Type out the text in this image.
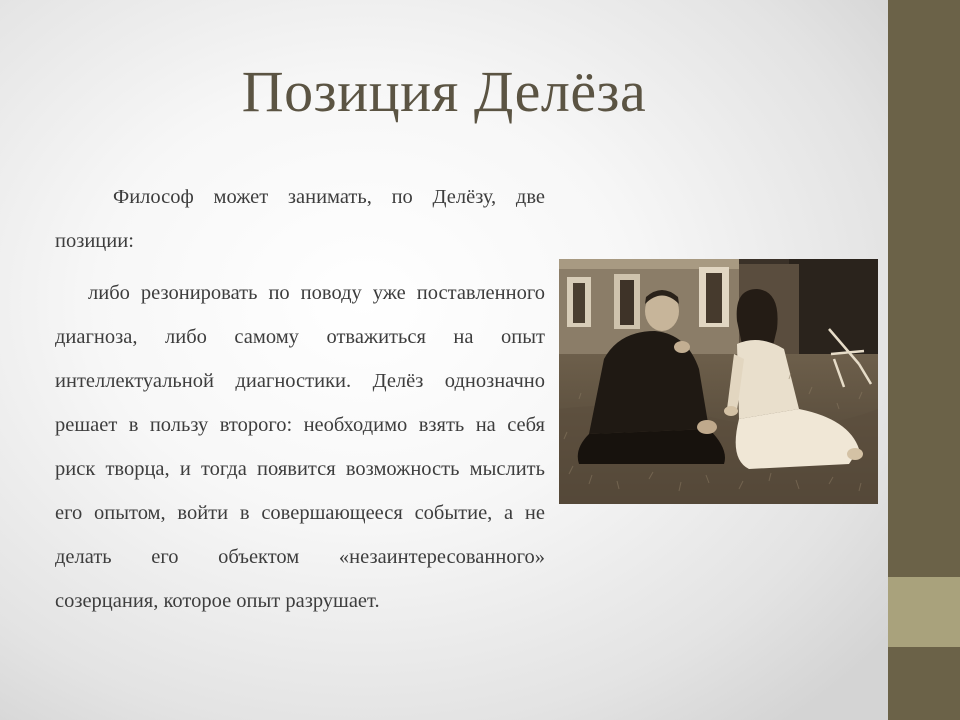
Позиция Делёза

Философ может занимать, по Делёзу, две позиции:

либо резонировать по поводу уже поставленного диагноза, либо самому отважиться на опыт интеллектуальной диагностики. Делёз однозначно решает в пользу второго: необходимо взять на себя риск творца, и тогда появится возможность мыслить его опытом, войти в совершающееся событие, а не делать его объектом «незаинтересованного» созерцания, которое опыт разрушает.
